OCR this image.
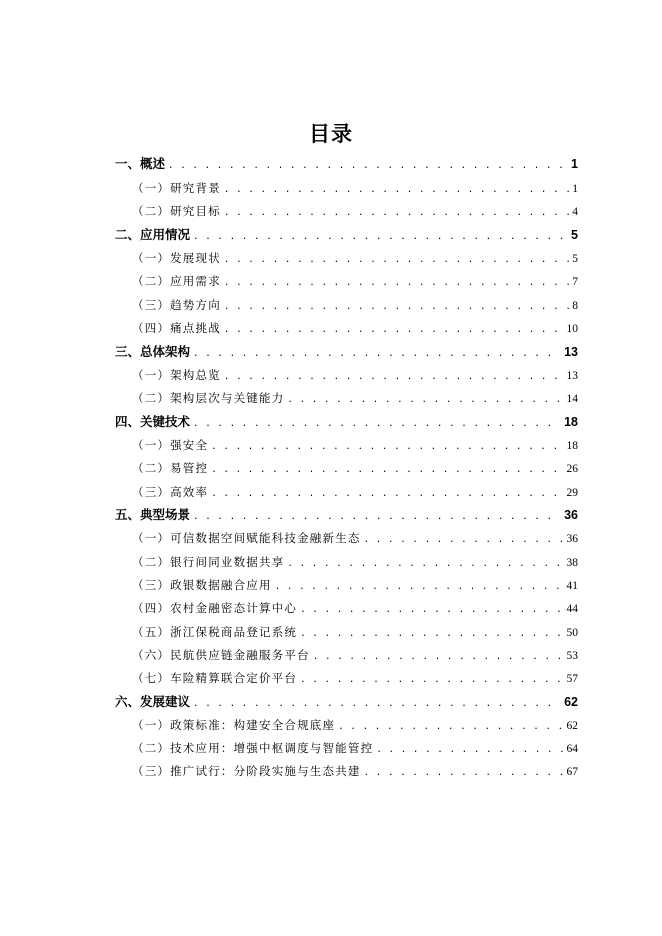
目录
一、概述 . . .	1
（一）研究背景 . . .	1
（二）研究目标 . . .	4
二、应用情况 . . .	5
（一）发展现状 . . .	5
（二）应用需求 . . .	7
（三）趋势方向 . . .	8
（四）痛点挑战 . . .	10
三、总体架构 . . .	13
（一）架构总览 . . .	13
（二）架构层次与关键能力 . . .	14
四、关键技术 . . .	18
（一）强安全 . . .	18
（二）易管控 . . .	26
（三）高效率 . . .	29
五、典型场景 . . .	36
（一）可信数据空间赋能科技金融新生态 . . .	36
（二）银行间同业数据共享 . . .	38
（三）政银数据融合应用 . . .	41
（四）农村金融密态计算中心 . . .	44
（五）浙江保税商品登记系统 . . .	50
（六）民航供应链金融服务平台 . . .	53
（七）车险精算联合定价平台 . . .	57
六、发展建议 . . .	62
（一）政策标准：构建安全合规底座 . . .	62
（二）技术应用：增强中枢调度与智能管控 . . .	64
（三）推广试行：分阶段实施与生态共建 . . .	67
